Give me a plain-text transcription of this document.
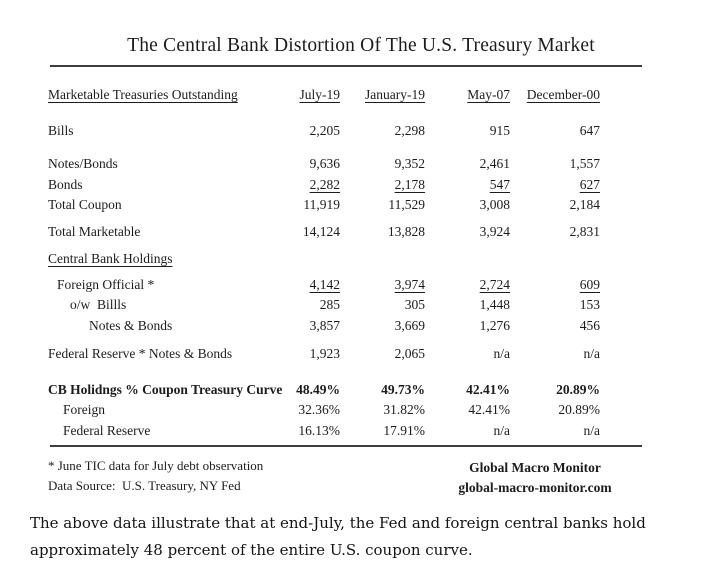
The Central Bank Distortion Of The U.S. Treasury Market
Marketable Treasuries Outstanding	July-19	January-19	May-07	December-00
Bills	2,205	2,298	915	647
Notes/Bonds	9,636	9,352	2,461	1,557
Bonds	2,282	2,178	547	627
Total Coupon	11,919	11,529	3,008	2,184
Total Marketable	14,124	13,828	3,924	2,831
Central Bank Holdings
Foreign Official *	4,142	3,974	2,724	609
o/w  Billls	285	305	1,448	153
Notes & Bonds	3,857	3,669	1,276	456
Federal Reserve * Notes & Bonds	1,923	2,065	n/a	n/a
CB Holidngs % Coupon Treasury Curve	48.49%	49.73%	42.41%	20.89%
Foreign	32.36%	31.82%	42.41%	20.89%
Federal Reserve	16.13%	17.91%	n/a	n/a
* June TIC data for July debt observation
Data Source:  U.S. Treasury, NY Fed
Global Macro Monitor
global-macro-monitor.com
The above data illustrate that at end-July, the Fed and foreign central banks hold
approximately 48 percent of the entire U.S. coupon curve.
